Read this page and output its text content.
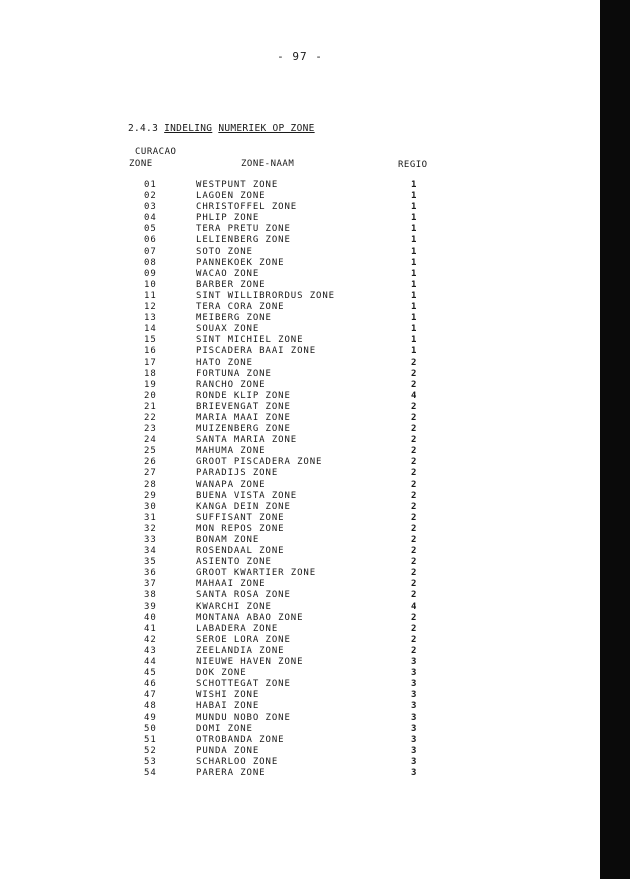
- 97 -
2.4.3 INDELING NUMERIEK OP ZONE
CURACAO
ZONE	ZONE-NAAM	REGIO
01	WESTPUNT ZONE	1
02	LAGOEN ZONE	1
03	CHRISTOFFEL ZONE	1
04	PHLIP ZONE	1
05	TERA PRETU ZONE	1
06	LELIENBERG ZONE	1
07	SOTO ZONE	1
08	PANNEKOEK ZONE	1
09	WACAO ZONE	1
10	BARBER ZONE	1
11	SINT WILLIBRORDUS ZONE	1
12	TERA CORA ZONE	1
13	MEIBERG ZONE	1
14	SOUAX ZONE	1
15	SINT MICHIEL ZONE	1
16	PISCADERA BAAI ZONE	1
17	HATO ZONE	2
18	FORTUNA ZONE	2
19	RANCHO ZONE	2
20	RONDE KLIP ZONE	4
21	BRIEVENGAT ZONE	2
22	MARIA MAAI ZONE	2
23	MUIZENBERG ZONE	2
24	SANTA MARIA ZONE	2
25	MAHUMA ZONE	2
26	GROOT PISCADERA ZONE	2
27	PARADIJS ZONE	2
28	WANAPA ZONE	2
29	BUENA VISTA ZONE	2
30	KANGA DEIN ZONE	2
31	SUFFISANT ZONE	2
32	MON REPOS ZONE	2
33	BONAM ZONE	2
34	ROSENDAAL ZONE	2
35	ASIENTO ZONE	2
36	GROOT KWARTIER ZONE	2
37	MAHAAI ZONE	2
38	SANTA ROSA ZONE	2
39	KWARCHI ZONE	4
40	MONTANA ABAO ZONE	2
41	LABADERA ZONE	2
42	SEROE LORA ZONE	2
43	ZEELANDIA ZONE	2
44	NIEUWE HAVEN ZONE	3
45	DOK ZONE	3
46	SCHOTTEGAT ZONE	3
47	WISHI ZONE	3
48	HABAI ZONE	3
49	MUNDU NOBO ZONE	3
50	DOMI ZONE	3
51	OTROBANDA ZONE	3
52	PUNDA ZONE	3
53	SCHARLOO ZONE	3
54	PARERA ZONE	3
